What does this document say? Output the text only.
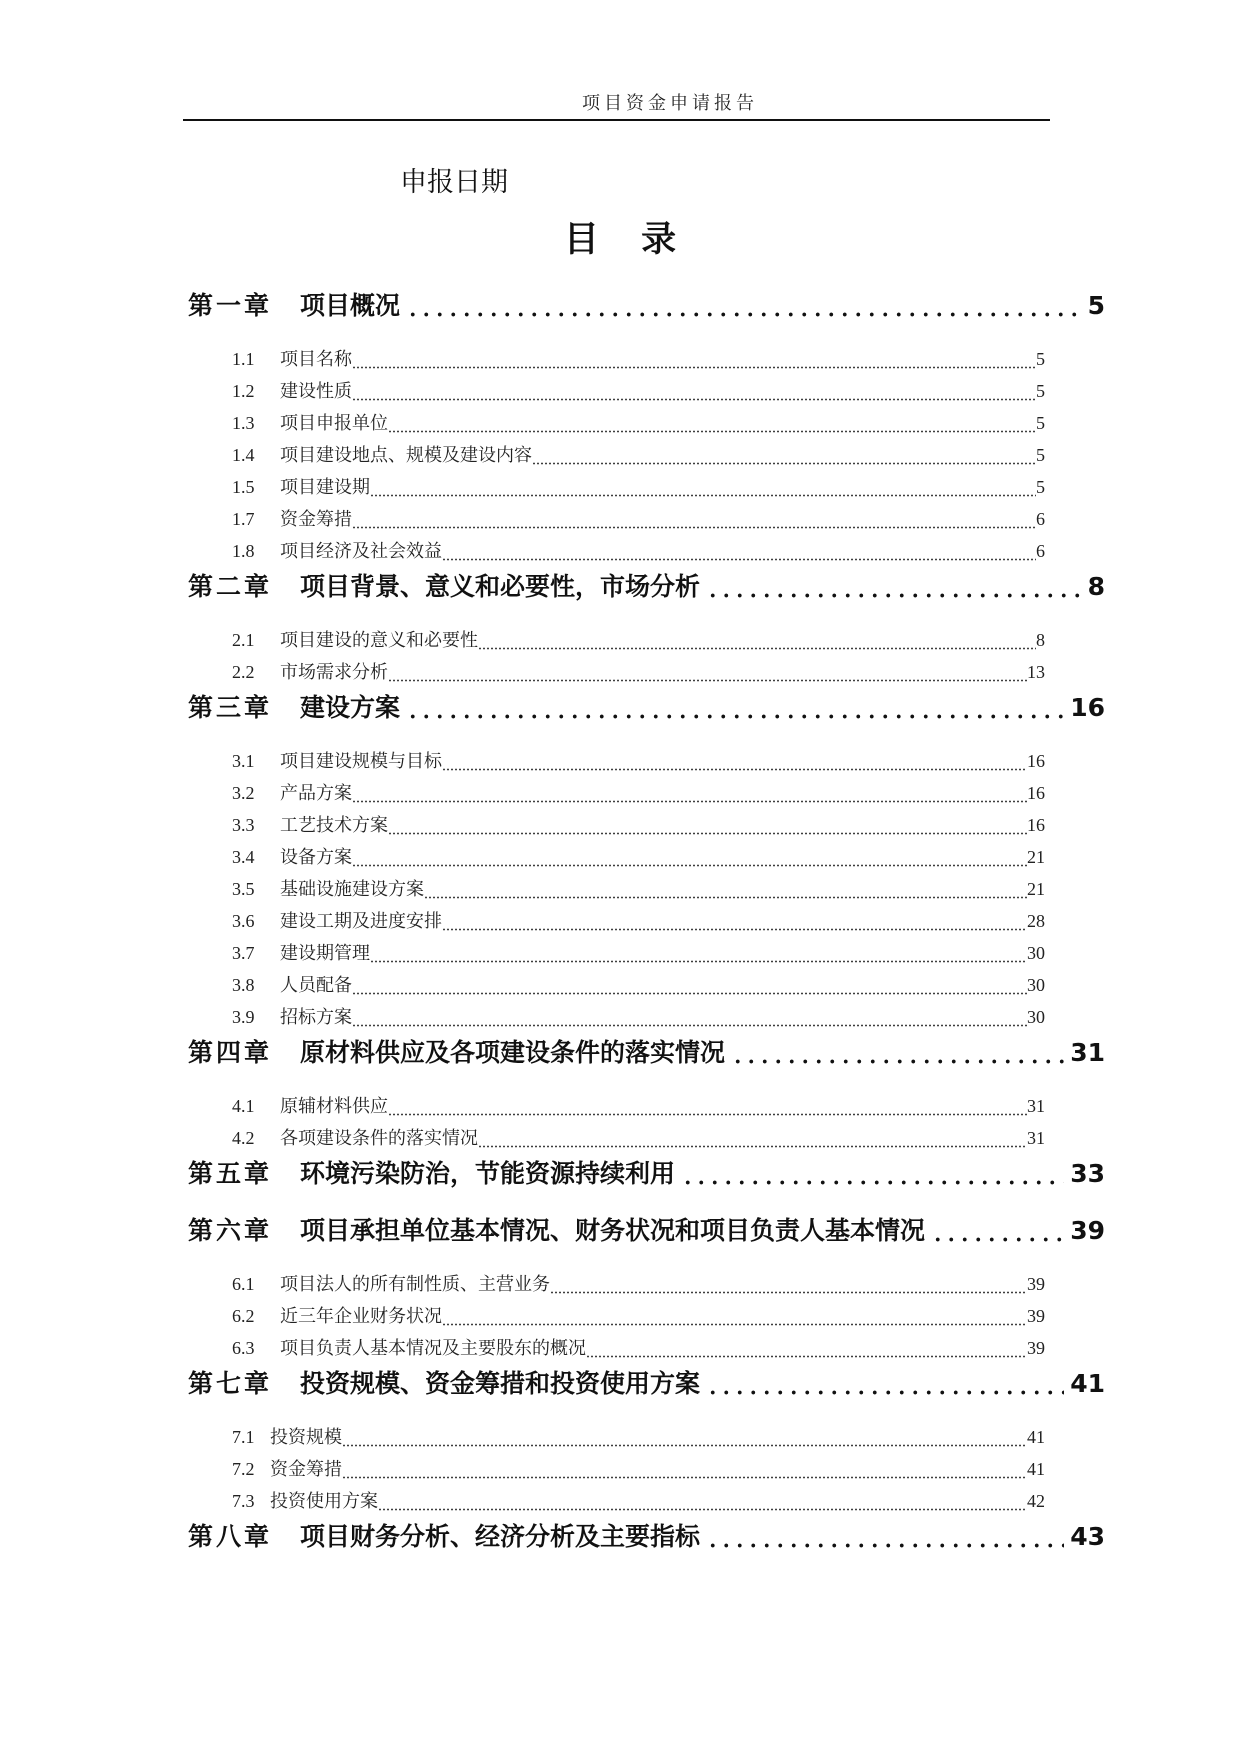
项目资金申请报告
申报日期
目 录
第一章 项目概况	5
1.1	项目名称	5
1.2	建设性质	5
1.3	项目申报单位	5
1.4	项目建设地点、规模及建设内容	5
1.5	项目建设期	5
1.7	资金筹措	6
1.8	项目经济及社会效益	6
第二章 项目背景、意义和必要性，市场分析	8
2.1	项目建设的意义和必要性	8
2.2	市场需求分析	13
第三章 建设方案	16
3.1	项目建设规模与目标	16
3.2	产品方案	16
3.3	工艺技术方案	16
3.4	设备方案	21
3.5	基础设施建设方案	21
3.6	建设工期及进度安排	28
3.7	建设期管理	30
3.8	人员配备	30
3.9	招标方案	30
第四章 原材料供应及各项建设条件的落实情况	31
4.1	原辅材料供应	31
4.2	各项建设条件的落实情况	31
第五章 环境污染防治，节能资源持续利用	33
第六章 项目承担单位基本情况、财务状况和项目负责人基本情况	39
6.1	项目法人的所有制性质、主营业务	39
6.2	近三年企业财务状况	39
6.3	项目负责人基本情况及主要股东的概况	39
第七章 投资规模、资金筹措和投资使用方案	41
7.1 投资规模	41
7.2 资金筹措	41
7.3 投资使用方案	42
第八章 项目财务分析、经济分析及主要指标	43
